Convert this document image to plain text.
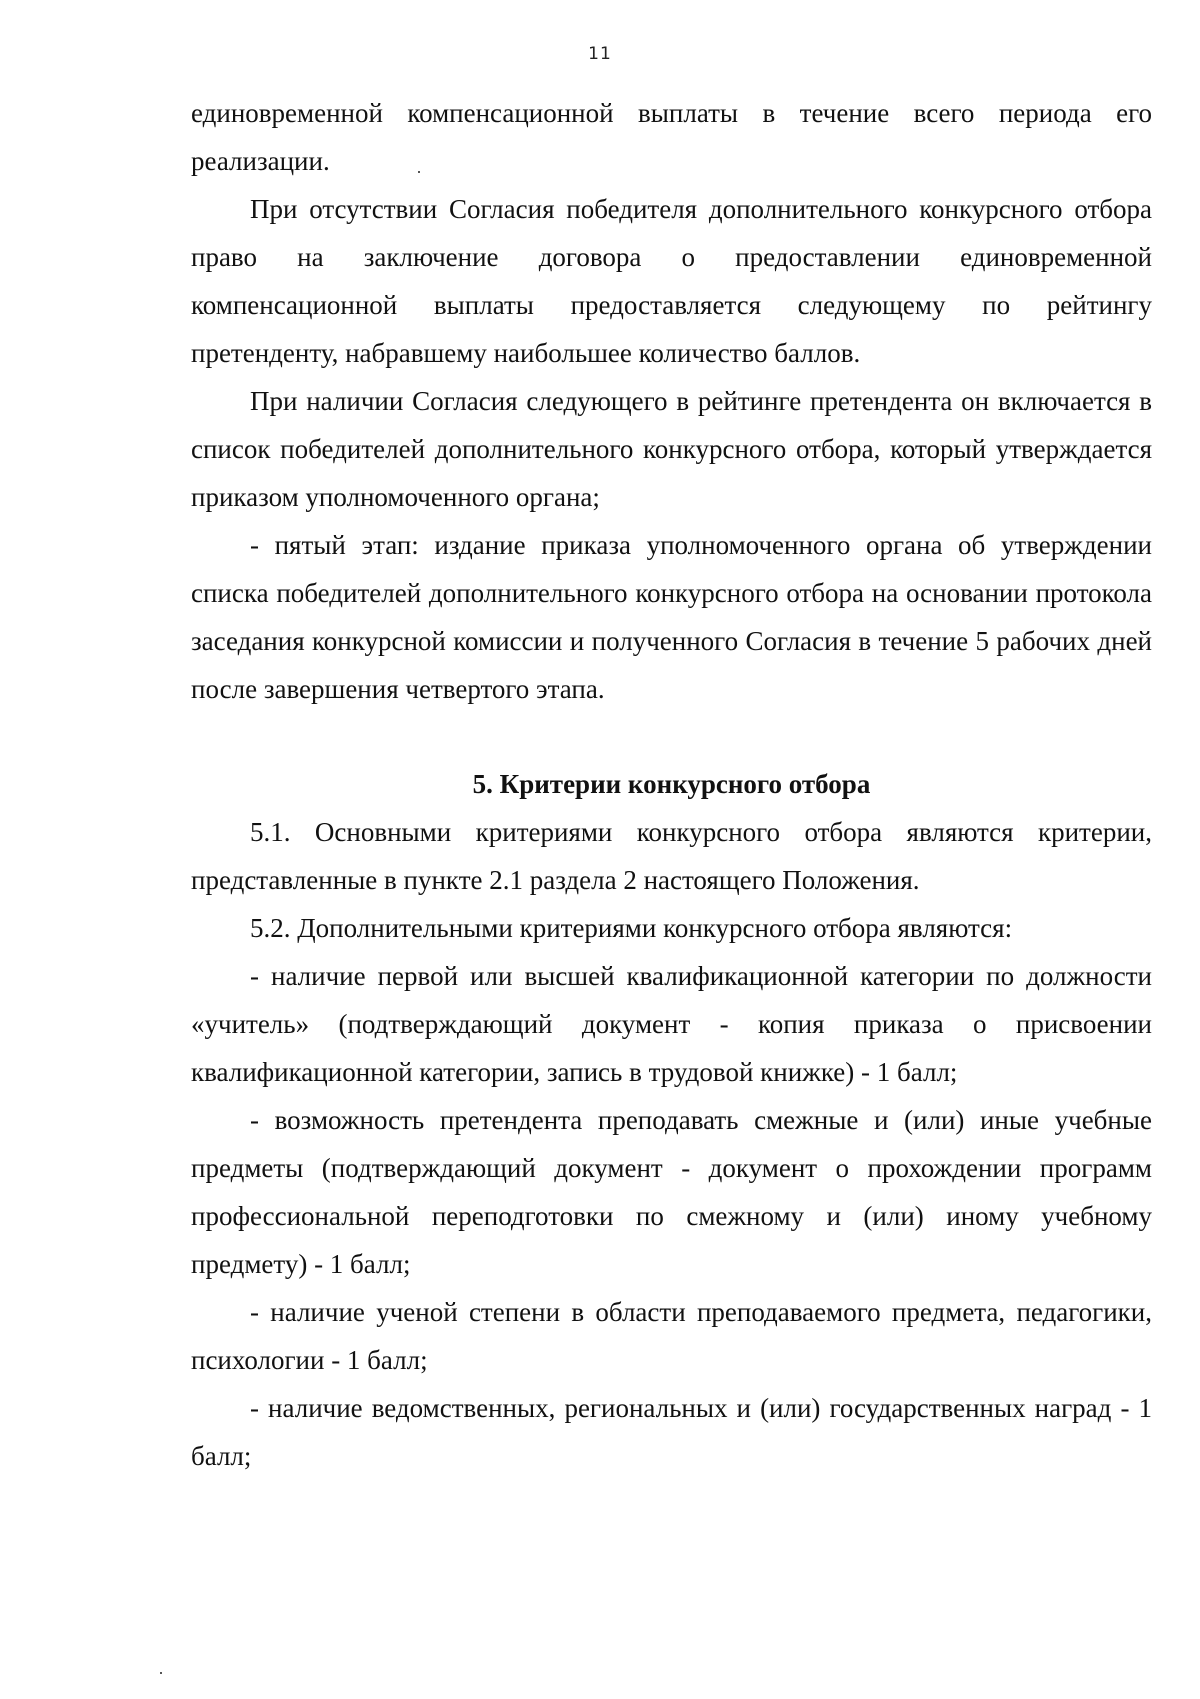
11

единовременной компенсационной выплаты в течение всего периода его реализации.

При отсутствии Согласия победителя дополнительного конкурсного отбора право на заключение договора о предоставлении единовременной компенсационной выплаты предоставляется следующему по рейтингу претенденту, набравшему наибольшее количество баллов.

При наличии Согласия следующего в рейтинге претендента он включается в список победителей дополнительного конкурсного отбора, который утверждается приказом уполномоченного органа;

- пятый этап: издание приказа уполномоченного органа об утверждении списка победителей дополнительного конкурсного отбора на основании протокола заседания конкурсной комиссии и полученного Согласия в течение 5 рабочих дней после завершения четвертого этапа.

5. Критерии конкурсного отбора

5.1. Основными критериями конкурсного отбора являются критерии, представленные в пункте 2.1 раздела 2 настоящего Положения.

5.2. Дополнительными критериями конкурсного отбора являются:

- наличие первой или высшей квалификационной категории по должности «учитель» (подтверждающий документ - копия приказа о присвоении квалификационной категории, запись в трудовой книжке) - 1 балл;

- возможность претендента преподавать смежные и (или) иные учебные предметы (подтверждающий документ - документ о прохождении программ профессиональной переподготовки по смежному и (или) иному учебному предмету) - 1 балл;

- наличие ученой степени в области преподаваемого предмета, педагогики, психологии - 1 балл;

- наличие ведомственных, региональных и (или) государственных наград - 1 балл;
